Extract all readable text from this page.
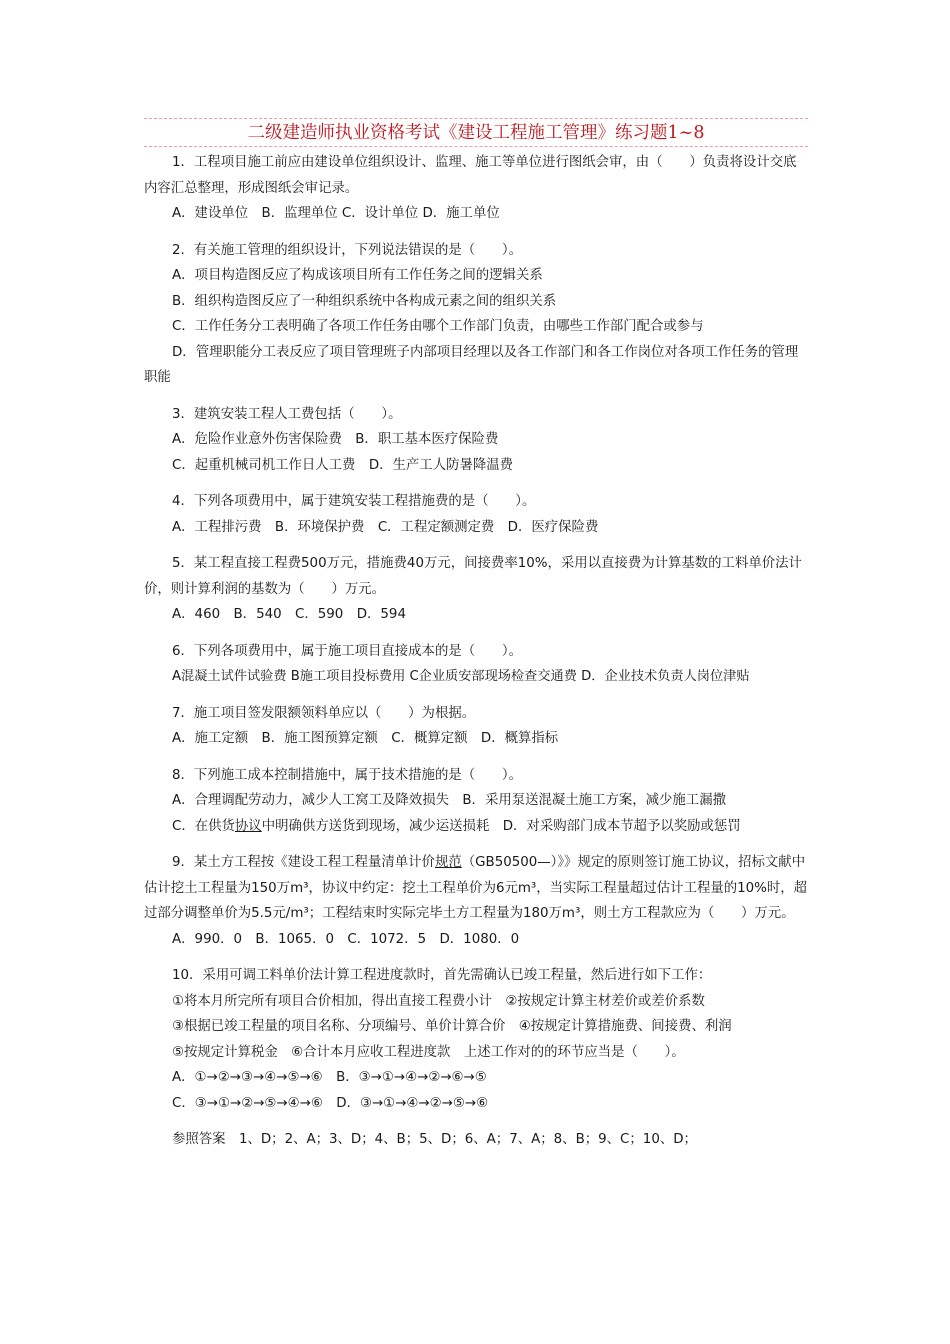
二级建造师执业资格考试《建设工程施工管理》练习题1~8
1．工程项目施工前应由建设单位组织设计、监理、施工等单位进行图纸会审，由（　　）负责将设计交底内容汇总整理，形成图纸会审记录。
A．建设单位　B．监理单位 C．设计单位 D．施工单位
2．有关施工管理的组织设计，下列说法错误的是（　　）。
A．项目构造图反应了构成该项目所有工作任务之间的逻辑关系
B．组织构造图反应了一种组织系统中各构成元素之间的组织关系
C．工作任务分工表明确了各项工作任务由哪个工作部门负责，由哪些工作部门配合或参与
D．管理职能分工表反应了项目管理班子内部项目经理以及各工作部门和各工作岗位对各项工作任务的管理职能
3．建筑安装工程人工费包括（　　）。
A．危险作业意外伤害保险费　B．职工基本医疗保险费
C．起重机械司机工作日人工费　D．生产工人防暑降温费
4．下列各项费用中，属于建筑安装工程措施费的是（　　）。
A．工程排污费　B．环境保护费　C．工程定额测定费　D．医疗保险费
5．某工程直接工程费500万元，措施费40万元，间接费率10%，采用以直接费为计算基数的工料单价法计价，则计算利润的基数为（　　）万元。
A．460　B．540　C．590　D．594
6．下列各项费用中，属于施工项目直接成本的是（　　）。
A混凝土试件试验费 B施工项目投标费用 C企业质安部现场检查交通费 D．企业技术负责人岗位津贴
7．施工项目签发限额领料单应以（　　）为根据。
A．施工定额　B．施工图预算定额　C．概算定额　D．概算指标
8．下列施工成本控制措施中，属于技术措施的是（　　）。
A．合理调配劳动力，减少人工窝工及降效损失　B．采用泵送混凝土施工方案，减少施工漏撒
C．在供货协议中明确供方送货到现场，减少运送损耗　D．对采购部门成本节超予以奖励或惩罚
9．某土方工程按《建设工程工程量清单计价规范（GB50500—）》》规定的原则签订施工协议，招标文献中估计挖土工程量为150万m³，协议中约定：挖土工程单价为6元m³，当实际工程量超过估计工程量的10%时，超过部分调整单价为5.5元/m³；工程结束时实际完毕土方工程量为180万m³，则土方工程款应为（　　）万元。
A．990．0　B．1065．0　C．1072．5　D．1080．0
10．采用可调工料单价法计算工程进度款时，首先需确认已竣工程量，然后进行如下工作：
①将本月所完所有项目合价相加，得出直接工程费小计　②按规定计算主材差价或差价系数
③根据已竣工程量的项目名称、分项编号、单价计算合价　④按规定计算措施费、间接费、利润
⑤按规定计算税金　⑥合计本月应收工程进度款　上述工作对的的环节应当是（　　）。
A．①→②→③→④→⑤→⑥　B．③→①→④→②→⑥→⑤
C．③→①→②→⑤→④→⑥　D．③→①→④→②→⑤→⑥
参照答案　1、D；2、A；3、D；4、B；5、D；6、A；7、A；8、B；9、C；10、D；
